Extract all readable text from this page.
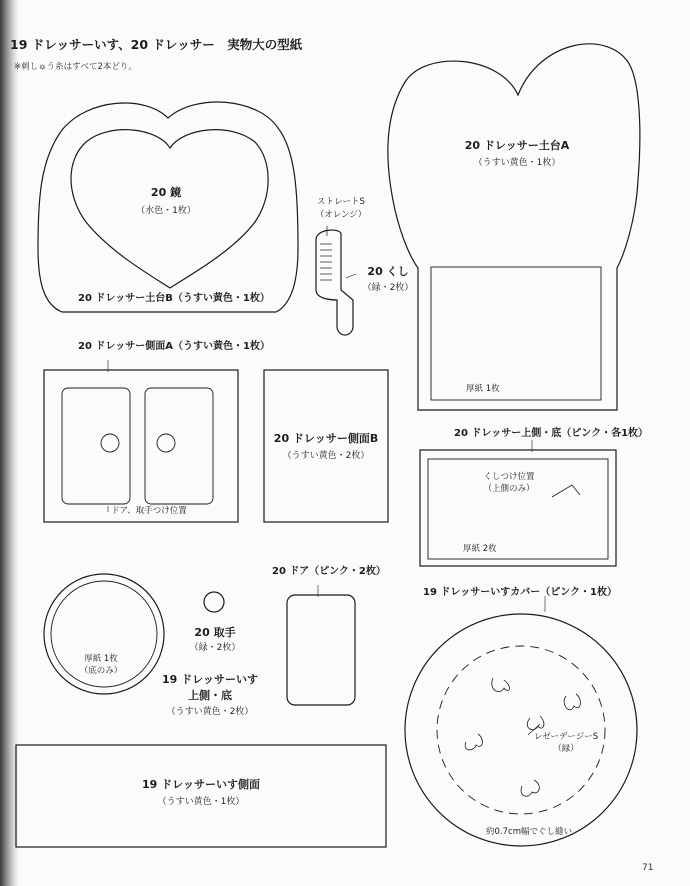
19 ドレッサーいす、20 ドレッサー　実物大の型紙
※刺しゅう糸はすべて2本どり。
20 鏡
（水色・1枚）
20 ドレッサー土台B（うすい黄色・1枚）
20 ドレッサー土台A
（うすい黄色・1枚）
厚紙 1枚
ストレートS
（オレンジ）
20 くし
（緑・2枚）
20 ドレッサー側面A（うすい黄色・1枚）
ドア、取手つけ位置
20 ドレッサー側面B
（うすい黄色・2枚）
20 ドレッサー上側・底（ピンク・各1枚）
くしつけ位置
（上側のみ）
厚紙 2枚
20 ドア（ピンク・2枚）
20 取手
（緑・2枚）
厚紙 1枚
（底のみ）
19 ドレッサーいす
上側・底
（うすい黄色・2枚）
19 ドレッサーいすカバー（ピンク・1枚）
レゼーデージーS
（緑）
約0.7cm幅でぐし縫い
19 ドレッサーいす側面
（うすい黄色・1枚）
71
